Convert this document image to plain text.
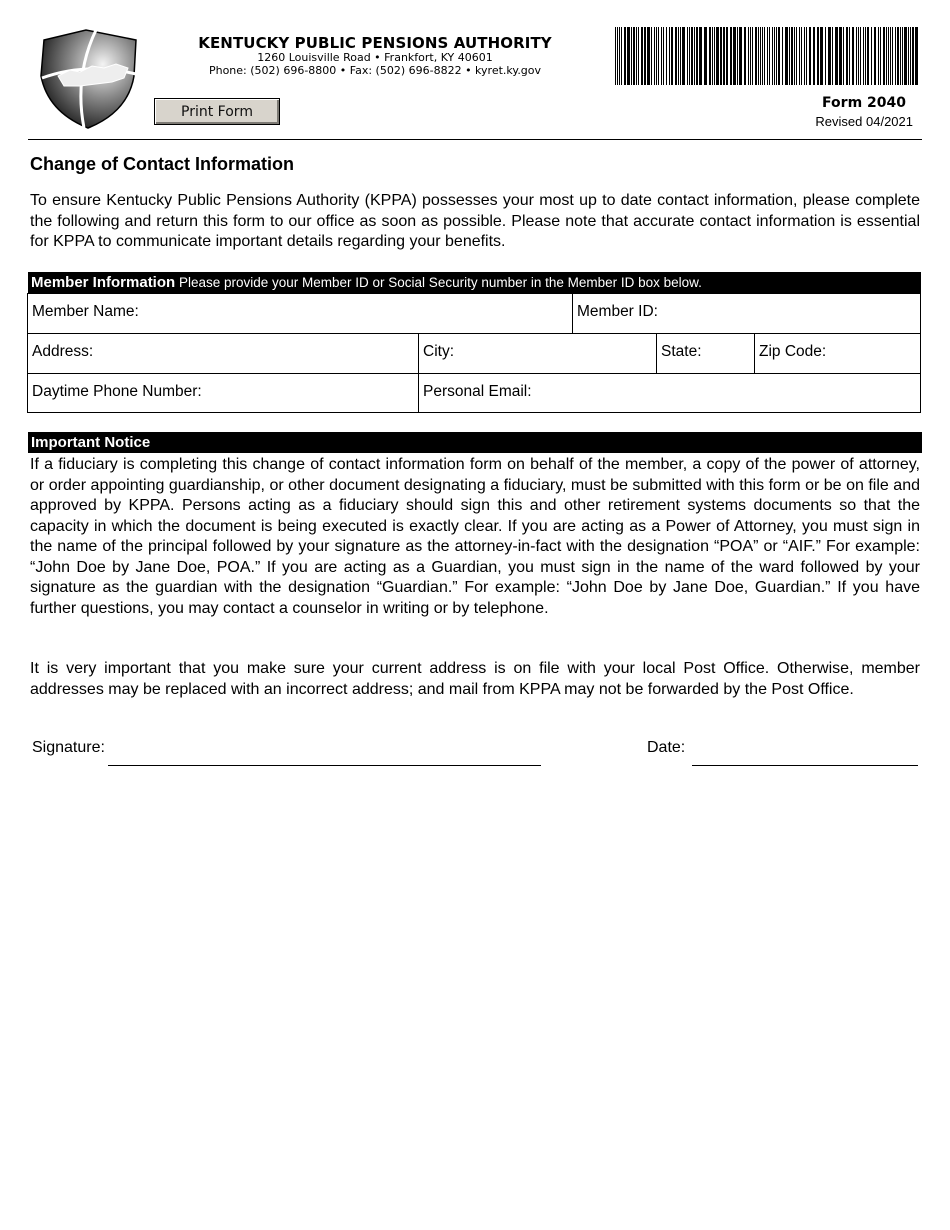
KENTUCKY PUBLIC PENSIONS AUTHORITY
1260 Louisville Road • Frankfort, KY 40601
Phone: (502) 696-8800 • Fax: (502) 696-8822 • kyret.ky.gov
Print Form
Form 2040
Revised 04/2021
Change of Contact Information
To ensure Kentucky Public Pensions Authority (KPPA) possesses your most up to date contact information, please complete the following and return this form to our office as soon as possible. Please note that accurate contact information is essential for KPPA to communicate important details regarding your benefits.
Member Information Please provide your Member ID or Social Security number in the Member ID box below.
Member Name:	Member ID:
Address:	City:	State:	Zip Code:
Daytime Phone Number:	Personal Email:
Important Notice
If a fiduciary is completing this change of contact information form on behalf of the member, a copy of the power of attorney, or order appointing guardianship, or other document designating a fiduciary, must be submitted with this form or be on file and approved by KPPA. Persons acting as a fiduciary should sign this and other retirement systems documents so that the capacity in which the document is being executed is exactly clear. If you are acting as a Power of Attorney, you must sign in the name of the principal followed by your signature as the attorney-in-fact with the designation “POA” or “AIF.” For example: “John Doe by Jane Doe, POA.” If you are acting as a Guardian, you must sign in the name of the ward followed by your signature as the guardian with the designation “Guardian.” For example: “John Doe by Jane Doe, Guardian.” If you have further questions, you may contact a counselor in writing or by telephone.
It is very important that you make sure your current address is on file with your local Post Office. Otherwise, member addresses may be replaced with an incorrect address; and mail from KPPA may not be forwarded by the Post Office.
Signature:	Date:
